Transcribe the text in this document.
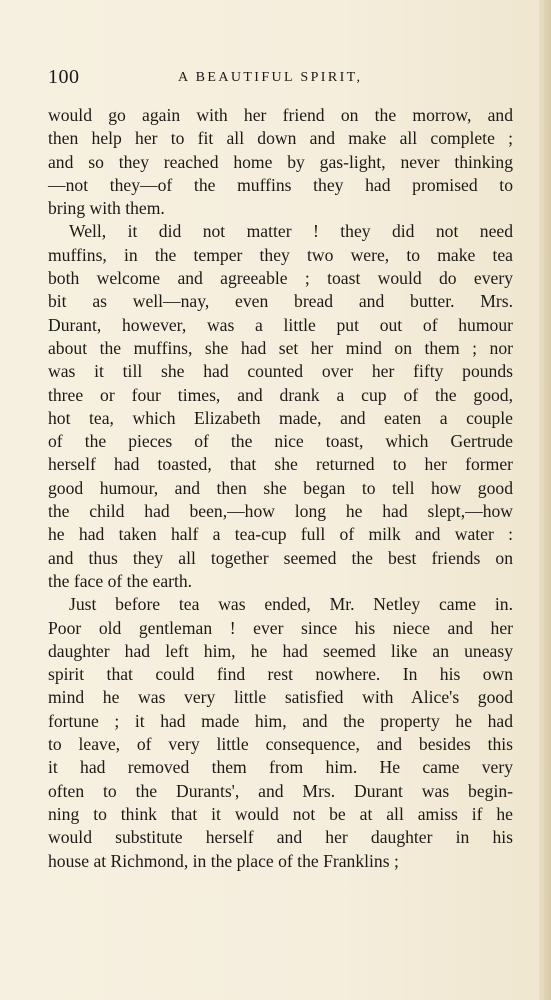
100	A BEAUTIFUL SPIRIT,
would go again with her friend on the morrow, and
then help her to fit all down and make all complete ;
and so they reached home by gas-light, never thinking
—not they—of the muffins they had promised to
bring with them.
Well, it did not matter ! they did not need
muffins, in the temper they two were, to make tea
both welcome and agreeable ; toast would do every
bit as well—nay, even bread and butter. Mrs.
Durant, however, was a little put out of humour
about the muffins, she had set her mind on them ; nor
was it till she had counted over her fifty pounds
three or four times, and drank a cup of the good,
hot tea, which Elizabeth made, and eaten a couple
of the pieces of the nice toast, which Gertrude
herself had toasted, that she returned to her former
good humour, and then she began to tell how good
the child had been,—how long he had slept,—how
he had taken half a tea-cup full of milk and water :
and thus they all together seemed the best friends on
the face of the earth.
Just before tea was ended, Mr. Netley came in.
Poor old gentleman ! ever since his niece and her
daughter had left him, he had seemed like an uneasy
spirit that could find rest nowhere. In his own
mind he was very little satisfied with Alice's good
fortune ; it had made him, and the property he had
to leave, of very little consequence, and besides this
it had removed them from him. He came very
often to the Durants', and Mrs. Durant was begin-
ning to think that it would not be at all amiss if he
would substitute herself and her daughter in his
house at Richmond, in the place of the Franklins ;
